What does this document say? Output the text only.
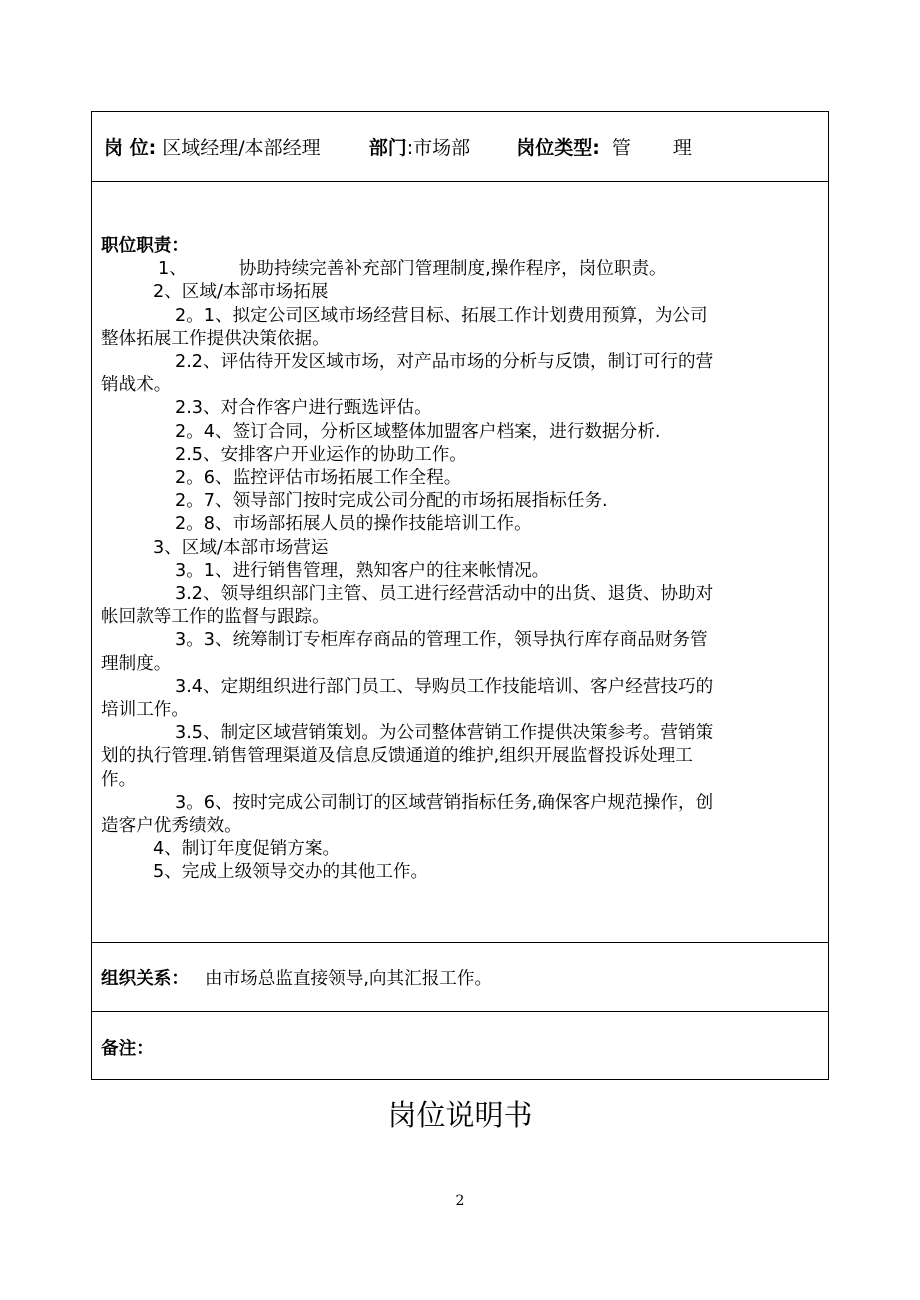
岗 位: 区域经理/本部经理	部门:市场部 岗位类型: 管 理
职位职责：
1、	协助持续完善补充部门管理制度,操作程序，岗位职责。
2、区域/本部市场拓展
2。1、拟定公司区域市场经营目标、拓展工作计划费用预算，为公司
整体拓展工作提供决策依据。
2.2、评估待开发区域市场，对产品市场的分析与反馈，制订可行的营
销战术。
2.3、对合作客户进行甄选评估。
2。4、签订合同，分析区域整体加盟客户档案，进行数据分析.
2.5、安排客户开业运作的协助工作。
2。6、监控评估市场拓展工作全程。
2。7、领导部门按时完成公司分配的市场拓展指标任务.
2。8、市场部拓展人员的操作技能培训工作。
3、区域/本部市场营运
3。1、进行销售管理，熟知客户的往来帐情况。
3.2、领导组织部门主管、员工进行经营活动中的出货、退货、协助对
帐回款等工作的监督与跟踪。
3。3、统筹制订专柜库存商品的管理工作，领导执行库存商品财务管
理制度。
3.4、定期组织进行部门员工、导购员工作技能培训、客户经营技巧的
培训工作。
3.5、制定区域营销策划。为公司整体营销工作提供决策参考。营销策
划的执行管理.销售管理渠道及信息反馈通道的维护,组织开展监督投诉处理工
作。
3。6、按时完成公司制订的区域营销指标任务,确保客户规范操作，创
造客户优秀绩效。
4、制订年度促销方案。
5、完成上级领导交办的其他工作。
组织关系： 由市场总监直接领导,向其汇报工作。
备注：
岗位说明书
2
